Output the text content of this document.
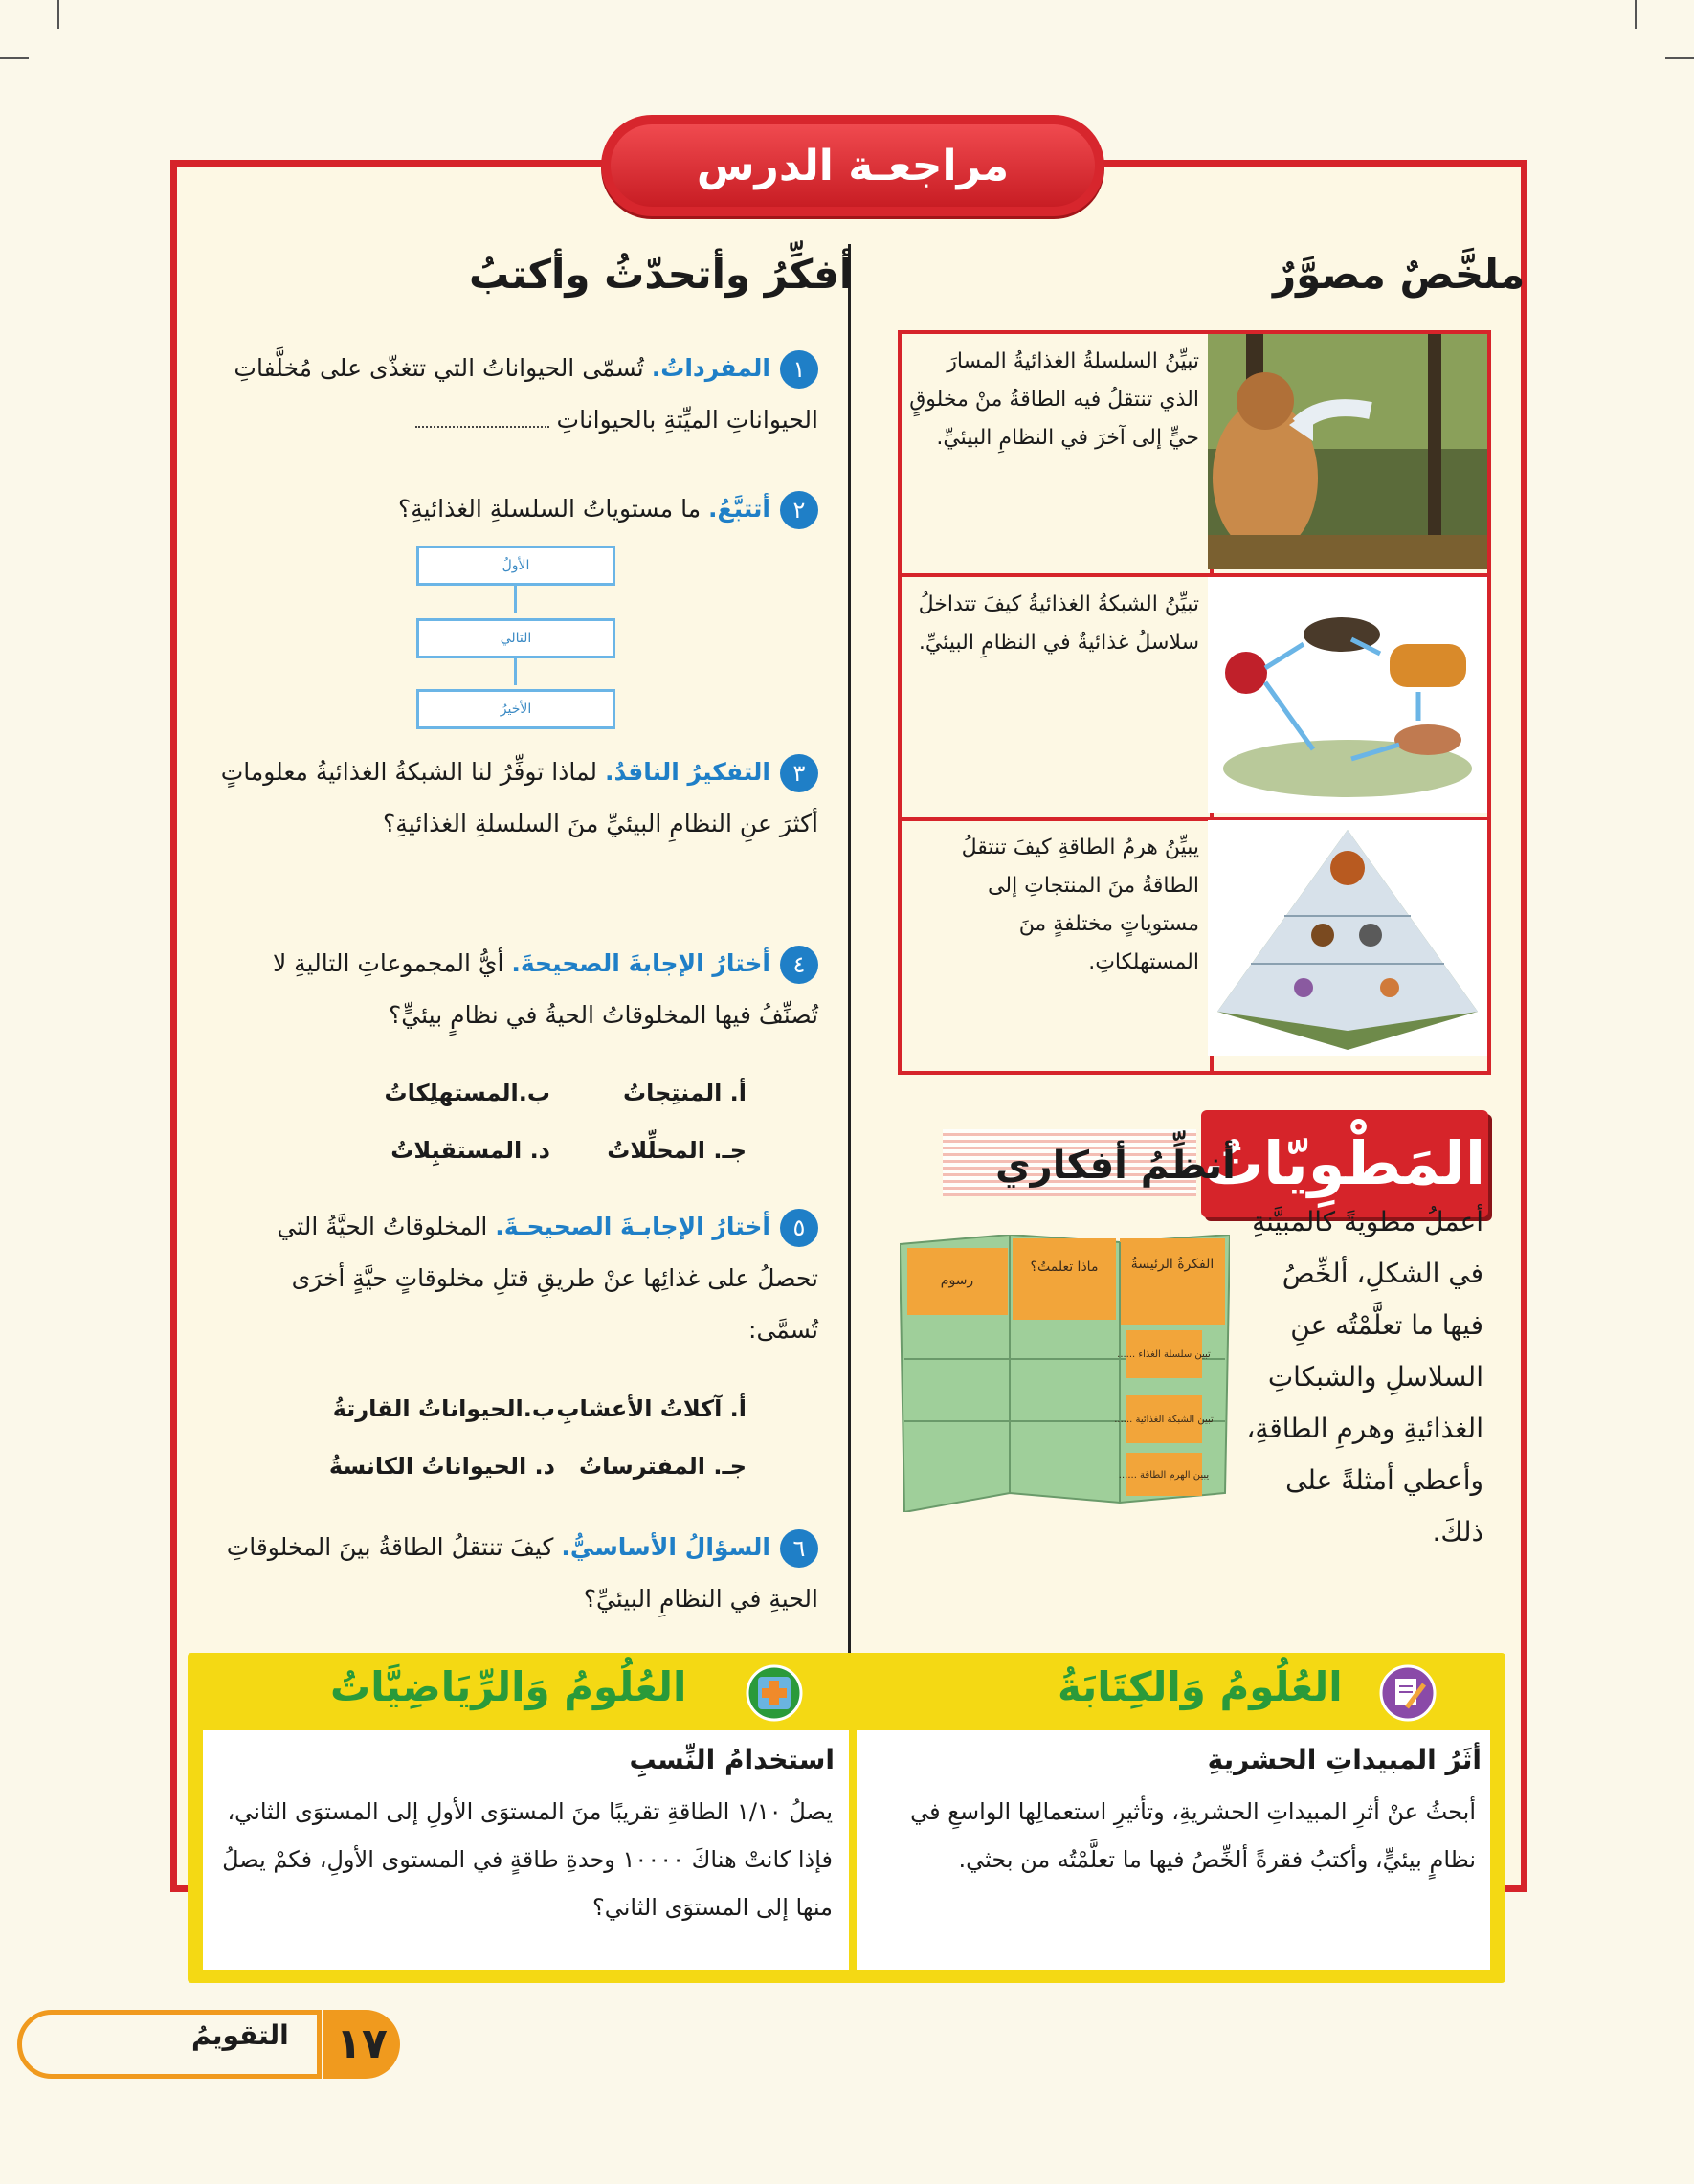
مراجعـة الدرس
ملخَّصٌ مصوَّرٌ
تبيِّنُ السلسلةُ الغذائيةُ المسارَ الذي تنتقلُ فيه الطاقةُ منْ مخلوقٍ حيٍّ إلى آخرَ في النظامِ البيئيِّ.
تبيِّنُ الشبكةُ الغذائيةُ كيفَ تتداخلُ سلاسلُ غذائيةٌ في النظامِ البيئيِّ.
يبيِّنُ هرمُ الطاقةِ كيفَ تنتقلُ الطاقةُ منَ المنتجاتِ إلى مستوياتٍ مختلفةٍ منَ المستهلكاتِ.
المَطْوِيّاتُ
أنظِّمُ أفكاري
أعملُ مطويةً كالمبيَّنةِ في الشكلِ، ألخِّصُ فيها ما تعلَّمْتُه عنِ السلاسلِ والشبكاتِ الغذائيةِ وهرمِ الطاقةِ، وأعطي أمثلةً على ذلكَ.
الفكرةُ الرئيسةُ
ماذا تعلمتُ؟
رسوم
تبين سلسلة الغذاء ......
تبين الشبكة الغذائية ......
يبين الهرم الطاقة ......
أفكِّرُ وأتحدّثُ وأكتبُ
١المفرداتُ. تُسمّى الحيواناتُ التي تتغذّى على مُخلَّفاتِ الحيواناتِ الميِّتةِ بالحيواناتِ
٢أتتبَّعُ. ما مستوياتُ السلسلةِ الغذائيةِ؟
الأولُ
التالي
الأخيرُ
٣التفكيرُ الناقدُ. لماذا توفِّرُ لنا الشبكةُ الغذائيةُ معلوماتٍ أكثرَ عنِ النظامِ البيئيِّ منَ السلسلةِ الغذائيةِ؟
٤أختارُ الإجابةَ الصحيحةَ. أيُّ المجموعاتِ التاليةِ لا تُصنِّفُ فيها المخلوقاتُ الحيةُ في نظامٍ بيئيٍّ؟
أ. المنتِجاتُ
ب.المستهلِكاتُ
جـ. المحلِّلاتُ
د. المستقبِلاتُ
٥أختارُ الإجابـةَ الصحيحـةَ. المخلوقاتُ الحيَّةُ التي تحصلُ على غذائِها عنْ طريقِ قتلِ مخلوقاتٍ حيَّةٍ أخرَى تُسمَّى:
أ. آكلاتُ الأعشابِ
ب.الحيواناتُ القارتةُ
جـ. المفترساتُ
د. الحيواناتُ الكانسةُ
٦السؤالُ الأساسيُّ. كيفَ تنتقلُ الطاقةُ بينَ المخلوقاتِ الحيةِ في النظامِ البيئيِّ؟
العُلُومُ وَالكِتَابَةُ
العُلُومُ وَالرِّيَاضِيَّاتُ
أثَرُ المبيداتِ الحشريةِ
أبحثُ عنْ أثرِ المبيداتِ الحشريةِ، وتأثيرِ استعمالِها الواسعِ في نظامٍ بيئيٍّ، وأكتبُ فقرةً ألخِّصُ فيها ما تعلَّمْتُه من بحثي.
استخدامُ النِّسبِ
يصلُ ١/١٠ الطاقةِ تقريبًا منَ المستوَى الأولِ إلى المستوَى الثاني، فإذا كانتْ هناكَ ١٠٠٠٠ وحدةِ طاقةٍ في المستوى الأولِ، فكمْ يصلُ منها إلى المستوَى الثاني؟
التقويمُ ١٧
